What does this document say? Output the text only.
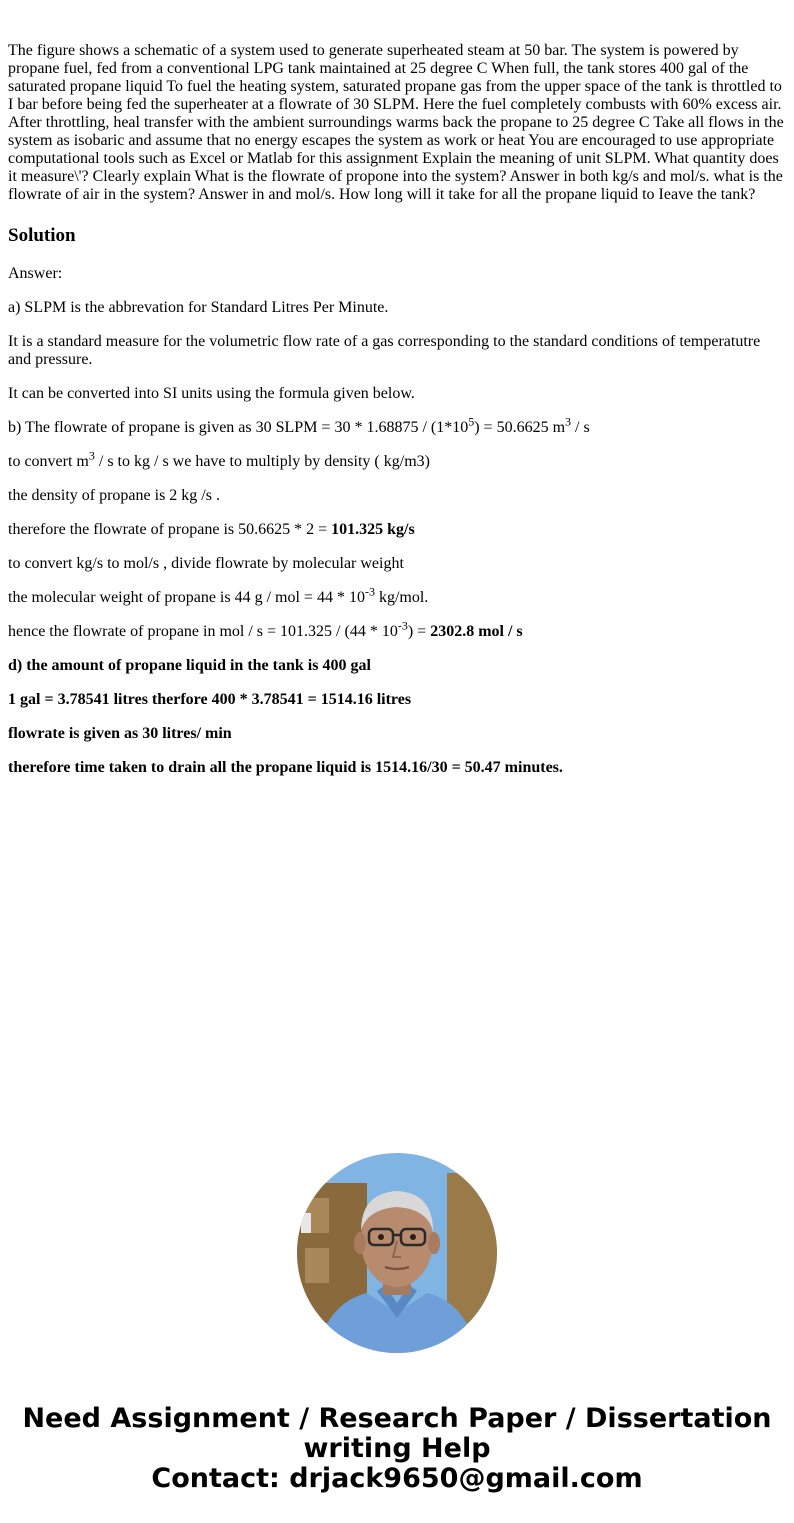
The figure shows a schematic of a system used to generate superheated steam at 50 bar. The system is powered by propane fuel, fed from a conventional LPG tank maintained at 25 degree C When full, the tank stores 400 gal of the saturated propane liquid To fuel the heating system, saturated propane gas from the upper space of the tank is throttled to I bar before being fed the superheater at a flowrate of 30 SLPM. Here the fuel completely combusts with 60% excess air. After throttling, heal transfer with the ambient surroundings warms back the propane to 25 degree C Take all flows in the system as isobaric and assume that no energy escapes the system as work or heat You are encouraged to use appropriate computational tools such as Excel or Matlab for this assignment Explain the meaning of unit SLPM. What quantity does it measure\'? Clearly explain What is the flowrate of propone into the system? Answer in both kg/s and mol/s. what is the flowrate of air in the system? Answer in and mol/s. How long will it take for all the propane liquid to Ieave the tank?

Solution

Answer:

a) SLPM is the abbrevation for Standard Litres Per Minute.

It is a standard measure for the volumetric flow rate of a gas corresponding to the standard conditions of temperatutre and pressure.

It can be converted into SI units using the formula given below.

b) The flowrate of propane is given as 30 SLPM = $30 * 1.68875 / (1*10^5) = 50.6625$ $m^3$ / s

to convert $m^3$ / s to kg / s we have to multiply by density ( kg/m3)

the density of propane is 2 kg /s .

therefore the flowrate of propane is 50.6625 * 2 = 101.325 kg/s

to convert kg/s to mol/s , divide flowrate by molecular weight

the molecular weight of propane is 44 g / mol = $44 * 10^{-3}$ kg/mol.

hence the flowrate of propane in mol / $s = 101.325 / (44 * 10^{-3}) = 2302.8$ mol / s

d) the amount of propane liquid in the tank is 400 gal

1 gal = 3.78541 litres therfore 400 * 3.78541 = 1514.16 litres

flowrate is given as 30 litres/ min

therefore time taken to drain all the propane liquid is 1514.16/30 = 50.47 minutes.

Need Assignment / Research Paper / Dissertation
writing Help
Contact: drjack9650@gmail.com
